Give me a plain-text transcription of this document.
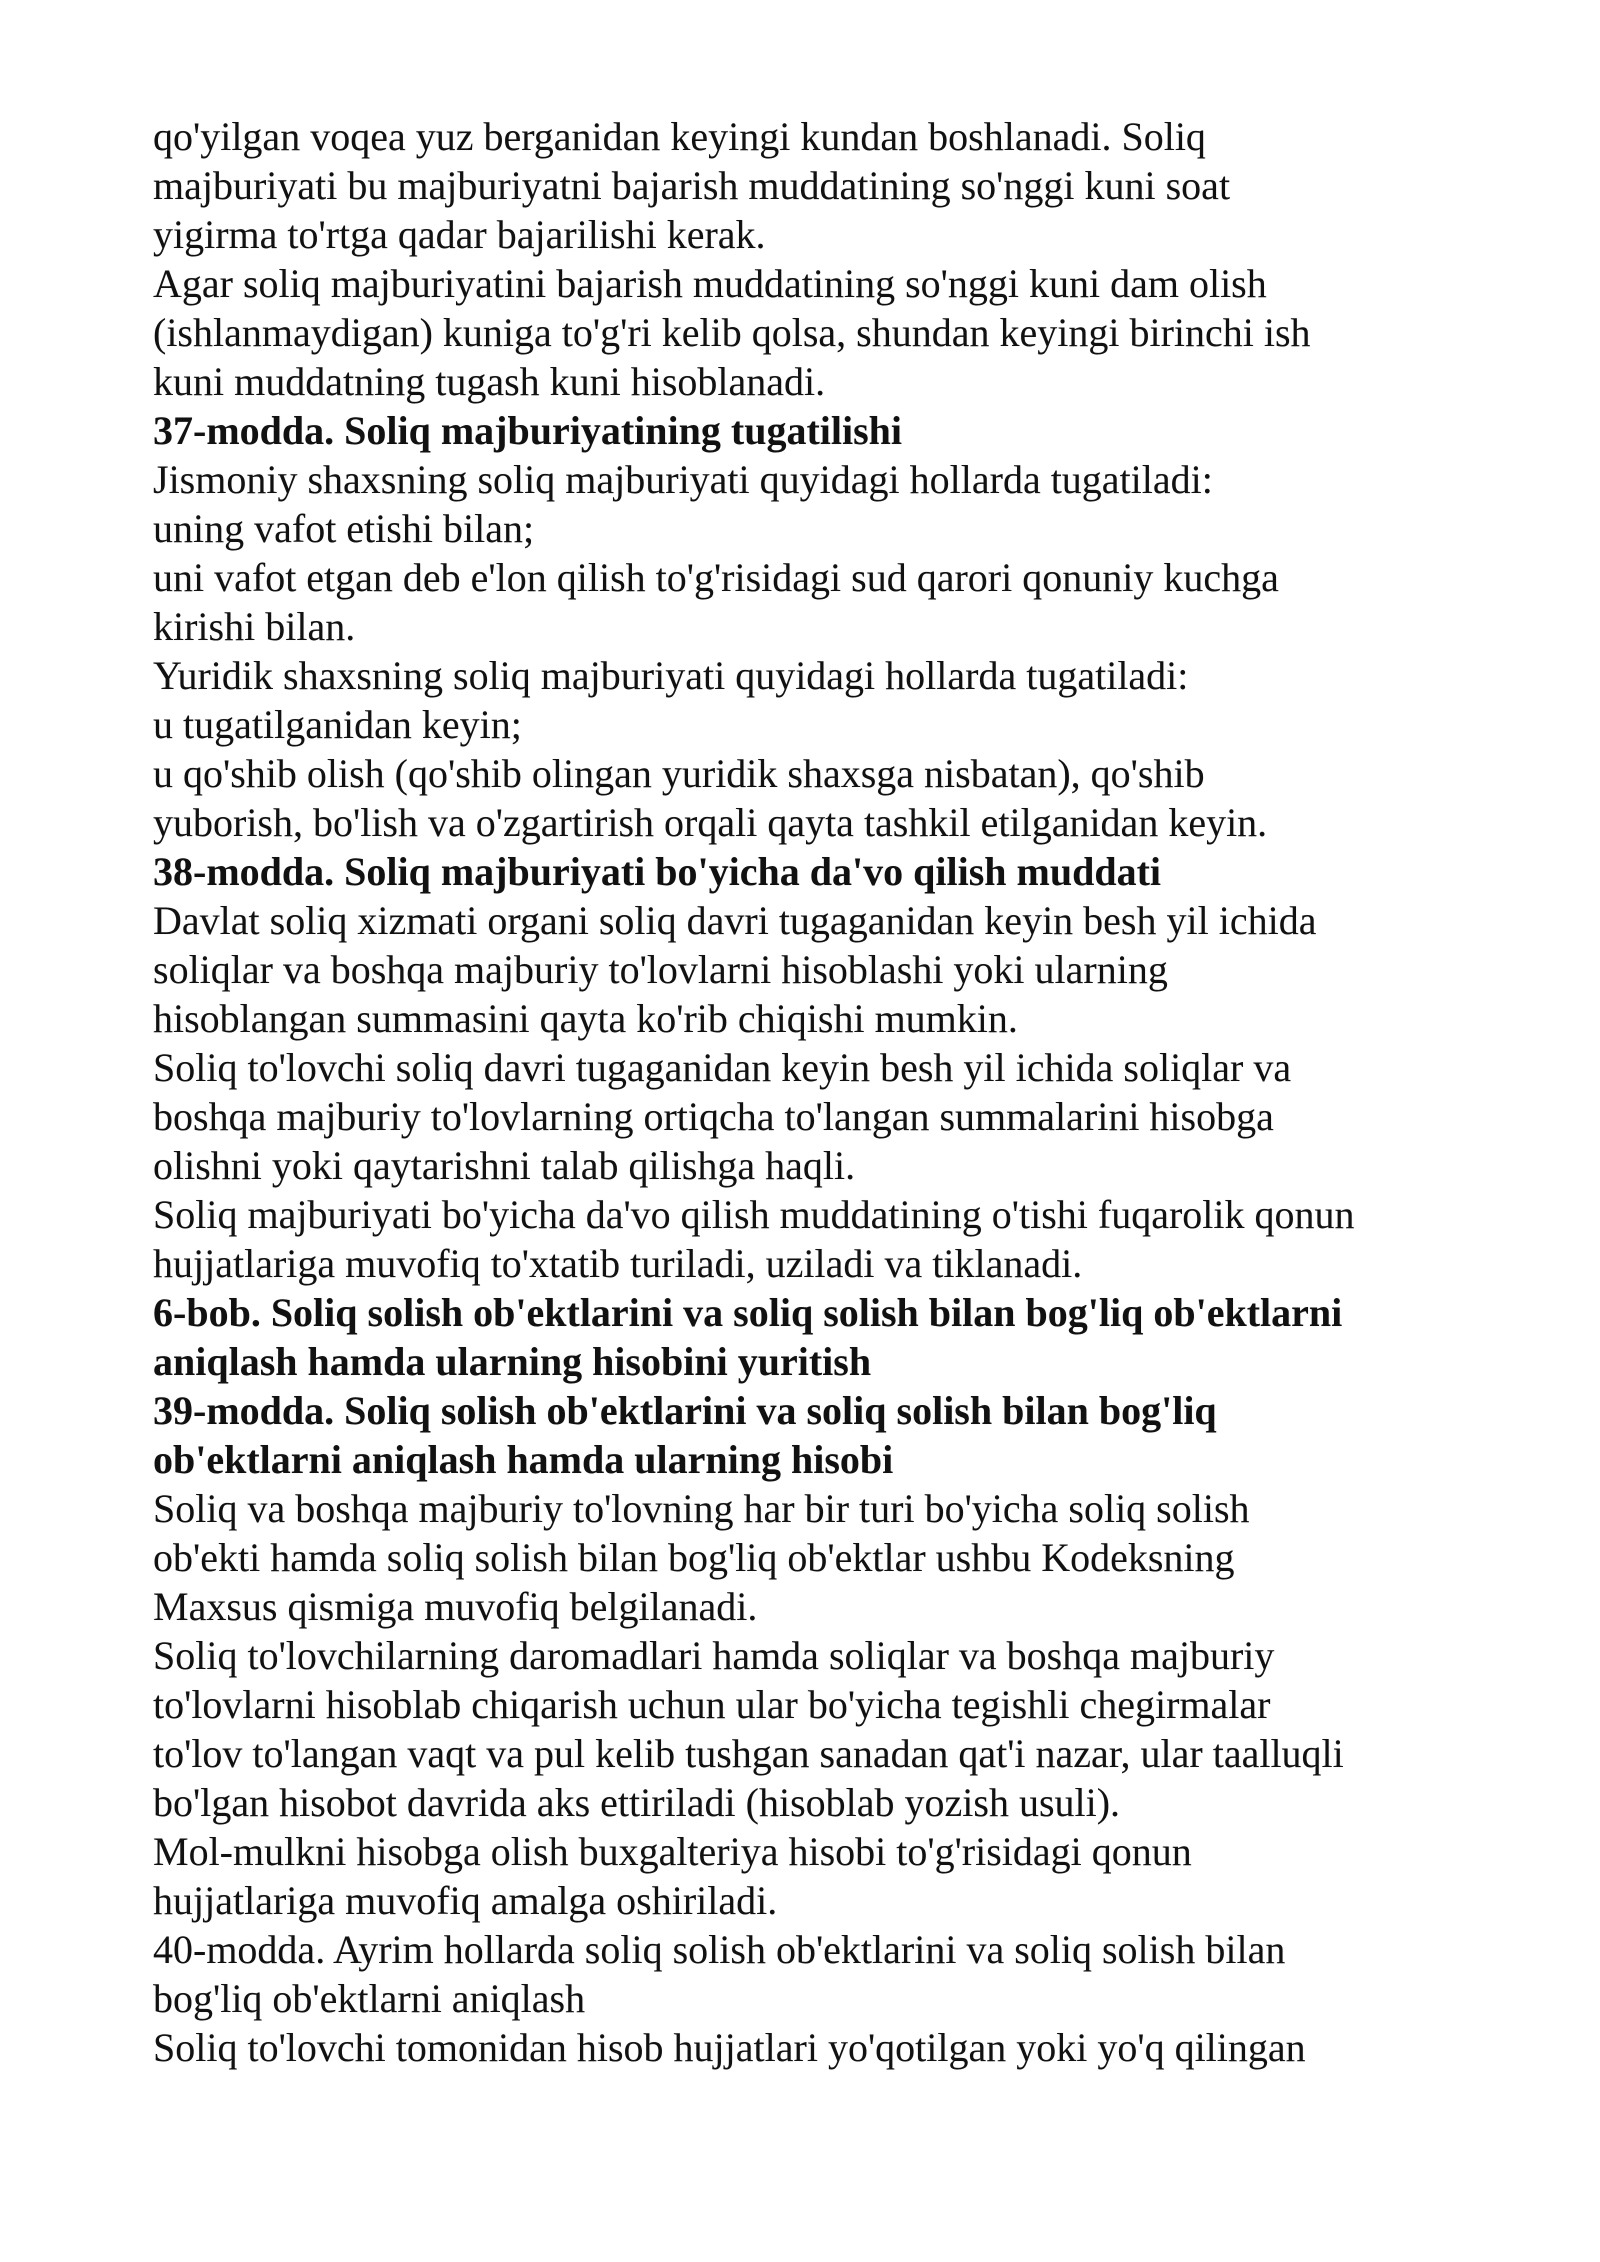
qo'yilgan voqea yuz berganidan keyingi kundan boshlanadi. Soliq
majburiyati bu majburiyatni bajarish muddatining so'nggi kuni soat
yigirma to'rtga qadar bajarilishi kerak.
Agar soliq majburiyatini bajarish muddatining so'nggi kuni dam olish
(ishlanmaydigan) kuniga to'g'ri kelib qolsa, shundan keyingi birinchi ish
kuni muddatning tugash kuni hisoblanadi.
37-modda. Soliq majburiyatining tugatilishi
Jismoniy shaxsning soliq majburiyati quyidagi hollarda tugatiladi:
uning vafot etishi bilan;
uni vafot etgan deb e'lon qilish to'g'risidagi sud qarori qonuniy kuchga
kirishi bilan.
Yuridik shaxsning soliq majburiyati quyidagi hollarda tugatiladi:
u tugatilganidan keyin;
u qo'shib olish (qo'shib olingan yuridik shaxsga nisbatan), qo'shib
yuborish, bo'lish va o'zgartirish orqali qayta tashkil etilganidan keyin.
38-modda. Soliq majburiyati bo'yicha da'vo qilish muddati
Davlat soliq xizmati organi soliq davri tugaganidan keyin besh yil ichida
soliqlar va boshqa majburiy to'lovlarni hisoblashi yoki ularning
hisoblangan summasini qayta ko'rib chiqishi mumkin.
Soliq to'lovchi soliq davri tugaganidan keyin besh yil ichida soliqlar va
boshqa majburiy to'lovlarning ortiqcha to'langan summalarini hisobga
olishni yoki qaytarishni talab qilishga haqli.
Soliq majburiyati bo'yicha da'vo qilish muddatining o'tishi fuqarolik qonun
hujjatlariga muvofiq to'xtatib turiladi, uziladi va tiklanadi.
6-bob. Soliq solish ob'ektlarini va soliq solish bilan bog'liq ob'ektlarni
aniqlash hamda ularning hisobini yuritish
39-modda. Soliq solish ob'ektlarini va soliq solish bilan bog'liq
ob'ektlarni aniqlash hamda ularning hisobi
Soliq va boshqa majburiy to'lovning har bir turi bo'yicha soliq solish
ob'ekti hamda soliq solish bilan bog'liq ob'ektlar ushbu Kodeksning
Maxsus qismiga muvofiq belgilanadi.
Soliq to'lovchilarning daromadlari hamda soliqlar va boshqa majburiy
to'lovlarni hisoblab chiqarish uchun ular bo'yicha tegishli chegirmalar
to'lov to'langan vaqt va pul kelib tushgan sanadan qat'i nazar, ular taalluqli
bo'lgan hisobot davrida aks ettiriladi (hisoblab yozish usuli).
Mol-mulkni hisobga olish buxgalteriya hisobi to'g'risidagi qonun
hujjatlariga muvofiq amalga oshiriladi.
40-modda. Ayrim hollarda soliq solish ob'ektlarini va soliq solish bilan
bog'liq ob'ektlarni aniqlash
Soliq to'lovchi tomonidan hisob hujjatlari yo'qotilgan yoki yo'q qilingan
